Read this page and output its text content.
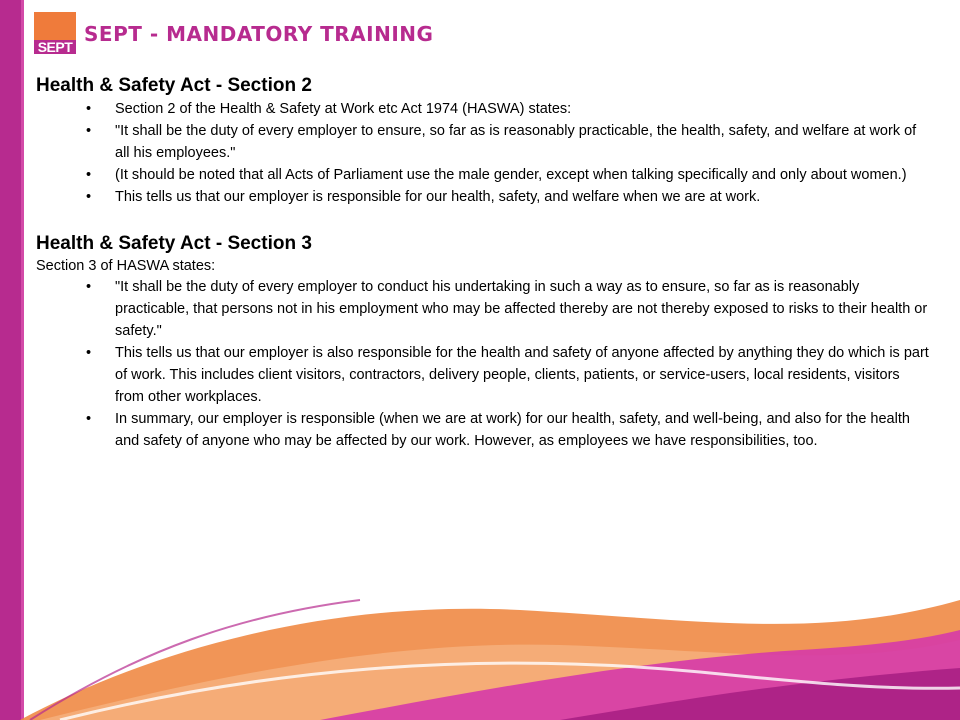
SEPT
SEPT - MANDATORY TRAINING
Health & Safety Act - Section 2
• Section 2 of the Health & Safety at Work etc Act 1974 (HASWA) states:
• "It shall be the duty of every employer to ensure, so far as is reasonably practicable, the health, safety, and welfare at work of all his employees."
• (It should be noted that all Acts of Parliament use the male gender, except when talking specifically and only about women.)
• This tells us that our employer is responsible for our health, safety, and welfare when we are at work.
Health & Safety Act - Section 3
Section 3 of HASWA states:
• "It shall be the duty of every employer to conduct his undertaking in such a way as to ensure, so far as is reasonably practicable, that persons not in his employment who may be affected thereby are not thereby exposed to risks to their health or safety."
• This tells us that our employer is also responsible for the health and safety of anyone affected by anything they do which is part of work. This includes client visitors, contractors, delivery people, clients, patients, or service-users, local residents, visitors from other workplaces.
• In summary, our employer is responsible (when we are at work) for our health, safety, and well-being, and also for the health and safety of anyone who may be affected by our work. However, as employees we have responsibilities, too.
